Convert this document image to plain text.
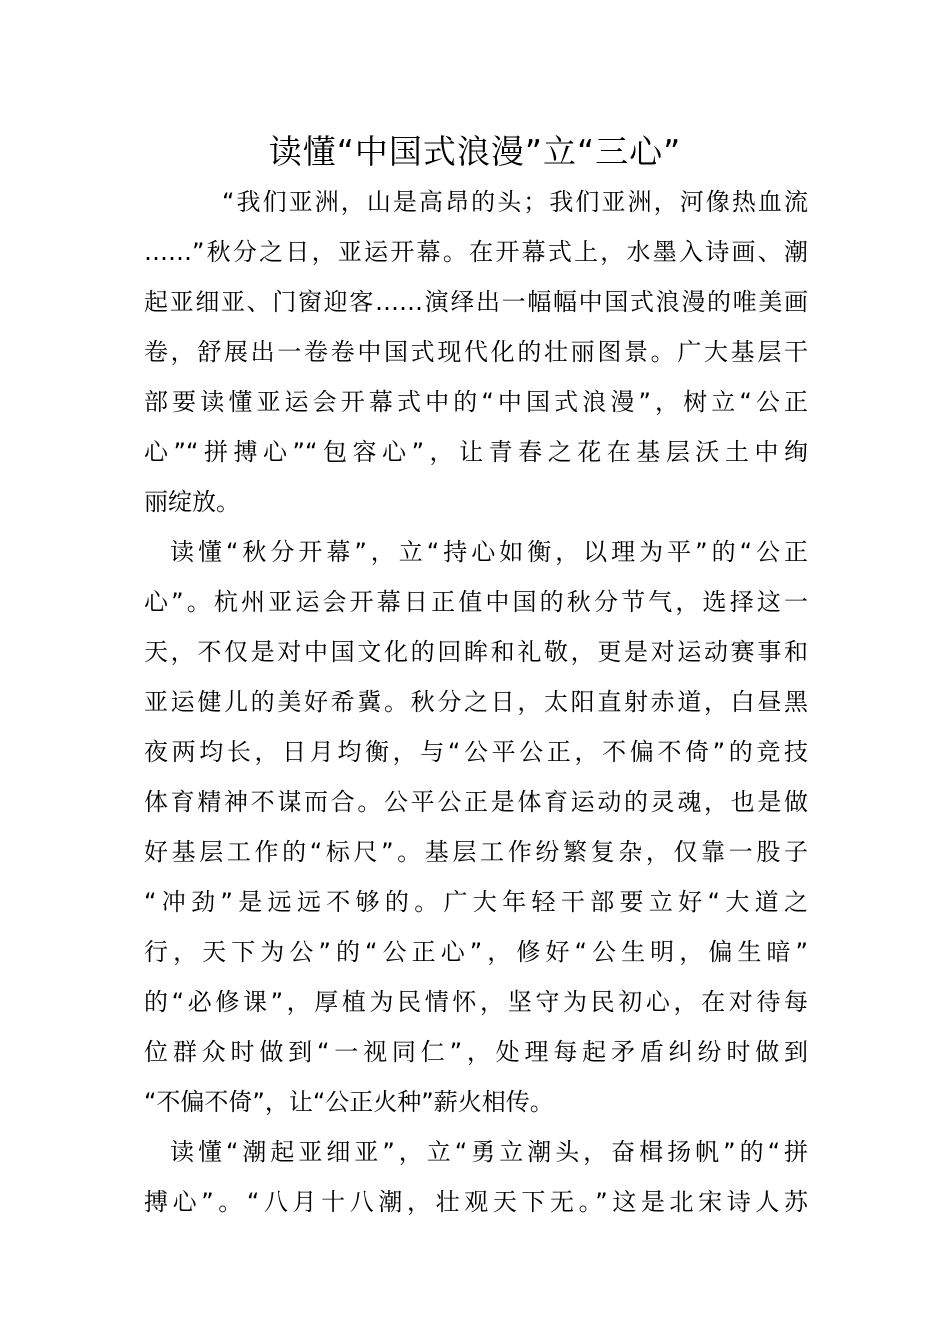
读懂“中国式浪漫”立“三心”
“我们亚洲，山是高昂的头；我们亚洲，河像热血流
……”秋分之日，亚运开幕。在开幕式上，水墨入诗画、潮
起亚细亚、门窗迎客……演绎出一幅幅中国式浪漫的唯美画
卷，舒展出一卷卷中国式现代化的壮丽图景。广大基层干
部要读懂亚运会开幕式中的“中国式浪漫”，树立“公正
心”“拼搏心”“包容心”，让青春之花在基层沃土中绚
丽绽放。
读懂“秋分开幕”，立“持心如衡，以理为平”的“公正
心”。杭州亚运会开幕日正值中国的秋分节气，选择这一
天，不仅是对中国文化的回眸和礼敬，更是对运动赛事和
亚运健儿的美好希冀。秋分之日，太阳直射赤道，白昼黑
夜两均长，日月均衡，与“公平公正，不偏不倚”的竞技
体育精神不谋而合。公平公正是体育运动的灵魂，也是做
好基层工作的“标尺”。基层工作纷繁复杂，仅靠一股子
“冲劲”是远远不够的。广大年轻干部要立好“大道之
行，天下为公”的“公正心”，修好“公生明，偏生暗”
的“必修课”，厚植为民情怀，坚守为民初心，在对待每
位群众时做到“一视同仁”，处理每起矛盾纠纷时做到
“不偏不倚”，让“公正火种”薪火相传。
读懂“潮起亚细亚”，立“勇立潮头，奋楫扬帆”的“拼
搏心”。“八月十八潮，壮观天下无。”这是北宋诗人苏
